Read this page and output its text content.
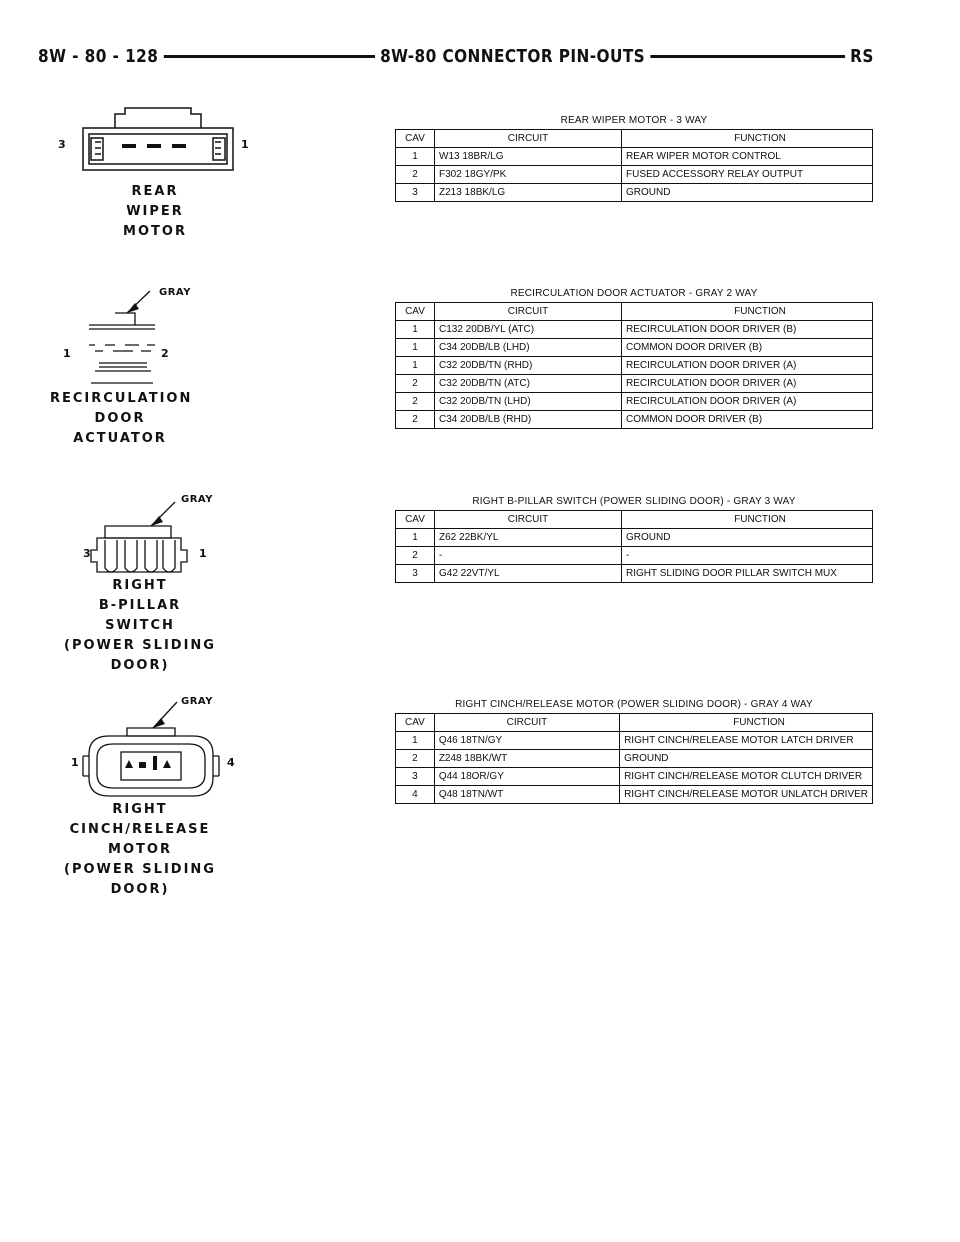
8W - 80 - 128	8W-80 CONNECTOR PIN-OUTS	RS
3	1
REAR
WIPER
MOTOR
REAR WIPER MOTOR - 3 WAY
CAV	CIRCUIT	FUNCTION
1	W13 18BR/LG	REAR WIPER MOTOR CONTROL
2	F302 18GY/PK	FUSED ACCESSORY RELAY OUTPUT
3	Z213 18BK/LG	GROUND
GRAY
1	2
RECIRCULATION
DOOR ACTUATOR
RECIRCULATION DOOR ACTUATOR - GRAY 2 WAY
CAV	CIRCUIT	FUNCTION
1	C132 20DB/YL (ATC)	RECIRCULATION DOOR DRIVER (B)
1	C34 20DB/LB (LHD)	COMMON DOOR DRIVER (B)
1	C32 20DB/TN (RHD)	RECIRCULATION DOOR DRIVER (A)
2	C32 20DB/TN (ATC)	RECIRCULATION DOOR DRIVER (A)
2	C32 20DB/TN (LHD)	RECIRCULATION DOOR DRIVER (A)
2	C34 20DB/LB (RHD)	COMMON DOOR DRIVER (B)
GRAY
3	1
RIGHT
B-PILLAR
SWITCH
(POWER SLIDING DOOR)
RIGHT B-PILLAR SWITCH (POWER SLIDING DOOR) - GRAY 3 WAY
CAV	CIRCUIT	FUNCTION
1	Z62 22BK/YL	GROUND
2	-	-
3	G42 22VT/YL	RIGHT SLIDING DOOR PILLAR SWITCH MUX
GRAY
1	4
RIGHT
CINCH/RELEASE
MOTOR
(POWER SLIDING DOOR)
RIGHT CINCH/RELEASE MOTOR (POWER SLIDING DOOR) - GRAY 4 WAY
CAV	CIRCUIT	FUNCTION
1	Q46 18TN/GY	RIGHT CINCH/RELEASE MOTOR LATCH DRIVER
2	Z248 18BK/WT	GROUND
3	Q44 18OR/GY	RIGHT CINCH/RELEASE MOTOR CLUTCH DRIVER
4	Q48 18TN/WT	RIGHT CINCH/RELEASE MOTOR UNLATCH DRIVER
